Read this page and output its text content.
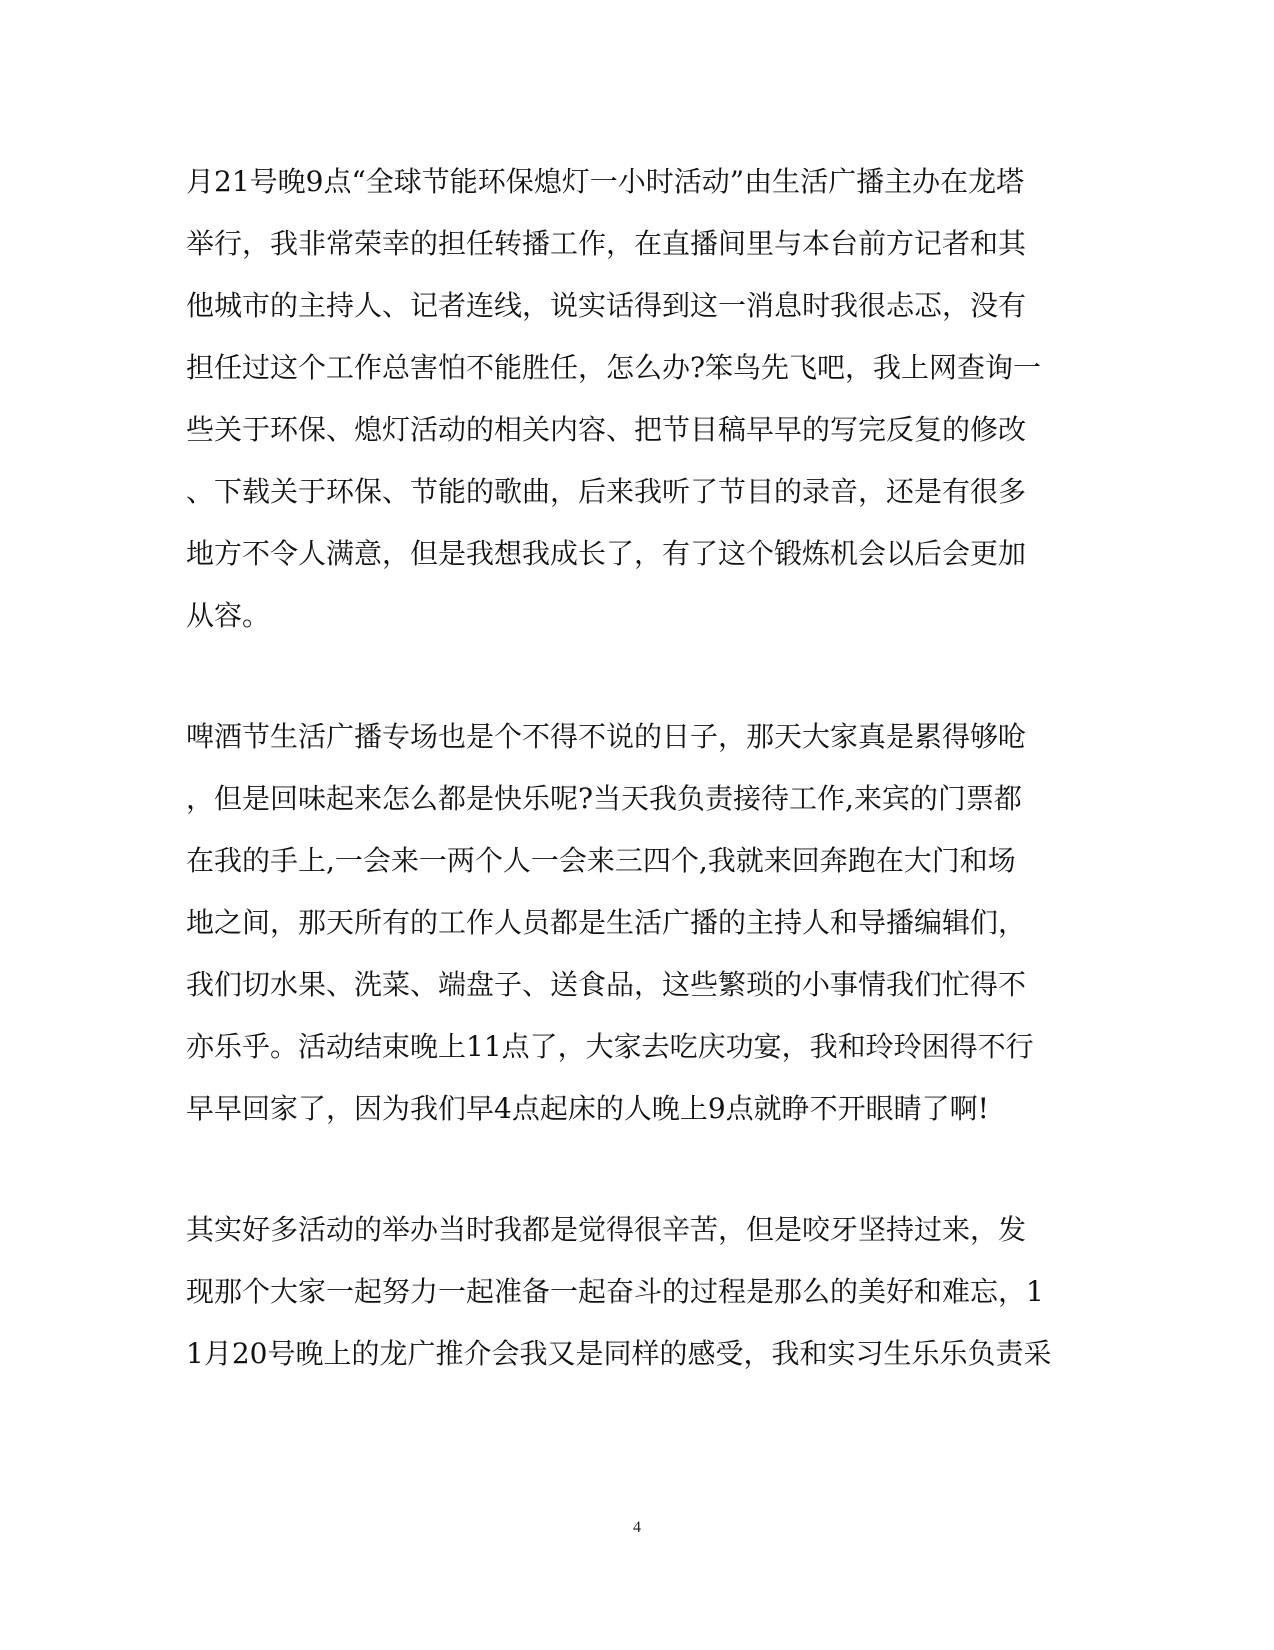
月21号晚9点“全球节能环保熄灯一小时活动”由生活广播主办在龙塔
举行，我非常荣幸的担任转播工作，在直播间里与本台前方记者和其
他城市的主持人、记者连线，说实话得到这一消息时我很忐忑，没有
担任过这个工作总害怕不能胜任，怎么办?笨鸟先飞吧，我上网查询一
些关于环保、熄灯活动的相关内容、把节目稿早早的写完反复的修改
、下载关于环保、节能的歌曲，后来我听了节目的录音，还是有很多
地方不令人满意，但是我想我成长了，有了这个锻炼机会以后会更加
从容。
啤酒节生活广播专场也是个不得不说的日子，那天大家真是累得够呛
，但是回味起来怎么都是快乐呢?当天我负责接待工作,来宾的门票都
在我的手上,一会来一两个人一会来三四个,我就来回奔跑在大门和场
地之间，那天所有的工作人员都是生活广播的主持人和导播编辑们，
我们切水果、洗菜、端盘子、送食品，这些繁琐的小事情我们忙得不
亦乐乎。活动结束晚上11点了，大家去吃庆功宴，我和玲玲困得不行
早早回家了，因为我们早4点起床的人晚上9点就睁不开眼睛了啊!
其实好多活动的举办当时我都是觉得很辛苦，但是咬牙坚持过来，发
现那个大家一起努力一起准备一起奋斗的过程是那么的美好和难忘，1
1月20号晚上的龙广推介会我又是同样的感受，我和实习生乐乐负责采
4
